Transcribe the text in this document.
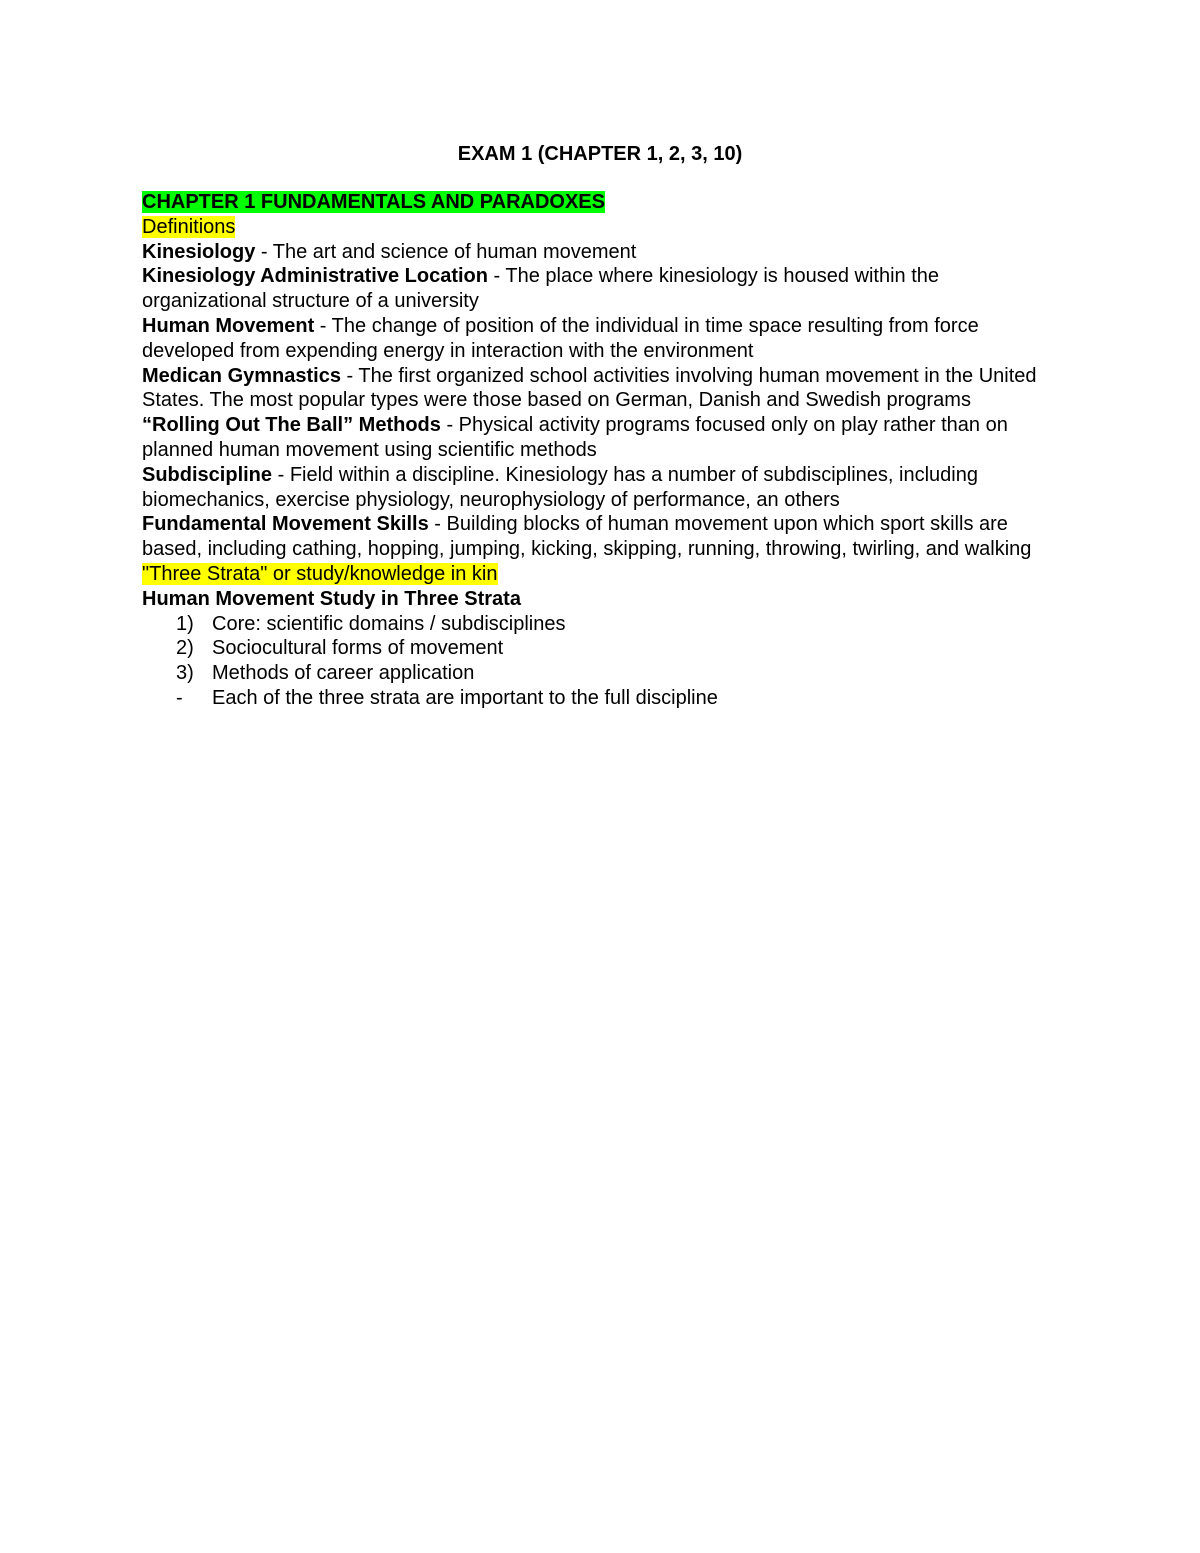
EXAM 1 (CHAPTER 1, 2, 3, 10)
CHAPTER 1 FUNDAMENTALS AND PARADOXES
Definitions
Kinesiology - The art and science of human movement
Kinesiology Administrative Location - The place where kinesiology is housed within the organizational structure of a university
Human Movement - The change of position of the individual in time space resulting from force developed from expending energy in interaction with the environment
Medican Gymnastics - The first organized school activities involving human movement in the United States. The most popular types were those based on German, Danish and Swedish programs
“Rolling Out The Ball” Methods - Physical activity programs focused only on play rather than on planned human movement using scientific methods
Subdiscipline - Field within a discipline. Kinesiology has a number of subdisciplines, including biomechanics, exercise physiology, neurophysiology of performance, an others
Fundamental Movement Skills - Building blocks of human movement upon which sport skills are based, including cathing, hopping, jumping, kicking, skipping, running, throwing, twirling, and walking
"Three Strata" or study/knowledge in kin
Human Movement Study in Three Strata
1) Core: scientific domains / subdisciplines
2) Sociocultural forms of movement
3) Methods of career application
-	Each of the three strata are important to the full discipline
